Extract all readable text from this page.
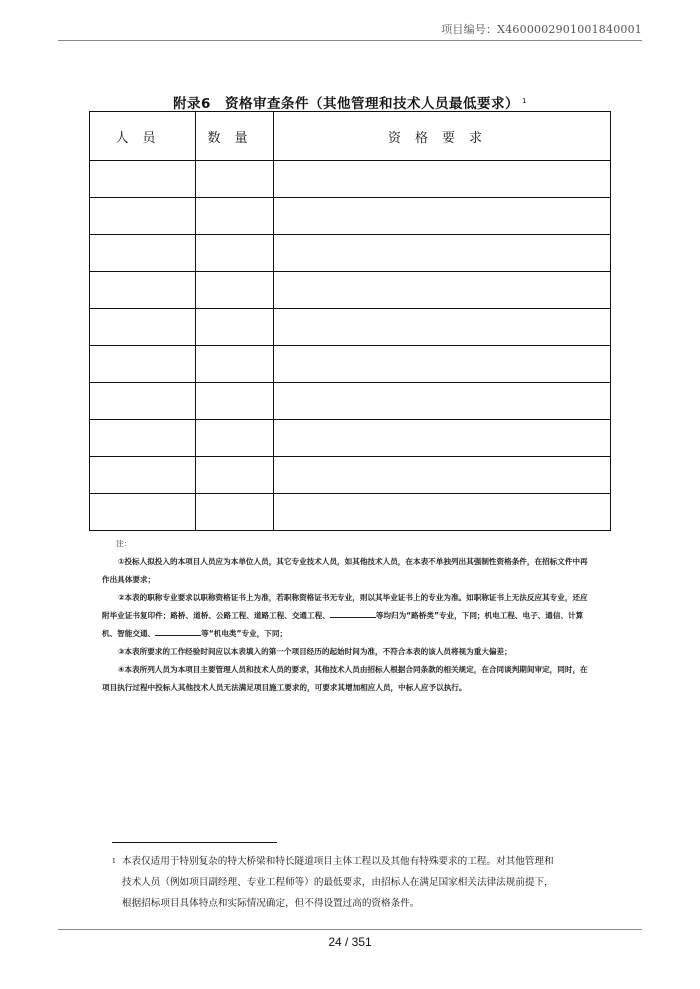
项目编号：X4600002901001840001
附录6　资格审查条件（其他管理和技术人员最低要求） $^1$
人员	数量	资格要求

注：

①投标人拟投入的本项目人员应为本单位人员，其它专业技术人员，如其他技术人员，在本表不单独列出其强制性资格条件，在招标文件中再作出具体要求；

②本表的职称专业要求以职称资格证书上为准，若职称资格证书无专业，则以其毕业证书上的专业为准。如职称证书上无法反应其专业，还应附毕业证书复印件；路桥、道桥、公路工程、道路工程、交通工程、	等均归为“路桥类”专业，下同；机电工程、电子、通信、计算机、智能交通、	等“机电类”专业，下同；

③本表所要求的工作经验时间应以本表填入的第一个项目经历的起始时间为准，不符合本表的该人员将视为重大偏差；

④本表所列人员为本项目主要管理人员和技术人员的要求，其他技术人员由招标人根据合同条款的相关规定，在合同谈判期间审定，同时，在项目执行过程中投标人其他技术人员无法满足项目施工要求的，可要求其增加相应人员，中标人应予以执行。

$^1$ 本表仅适用于特别复杂的特大桥梁和特长隧道项目主体工程以及其他有特殊要求的工程。对其他管理和

技术人员（例如项目副经理、专业工程师等）的最低要求，由招标人在满足国家相关法律法规前提下，

根据招标项目具体特点和实际情况确定，但不得设置过高的资格条件。

24 / 351
